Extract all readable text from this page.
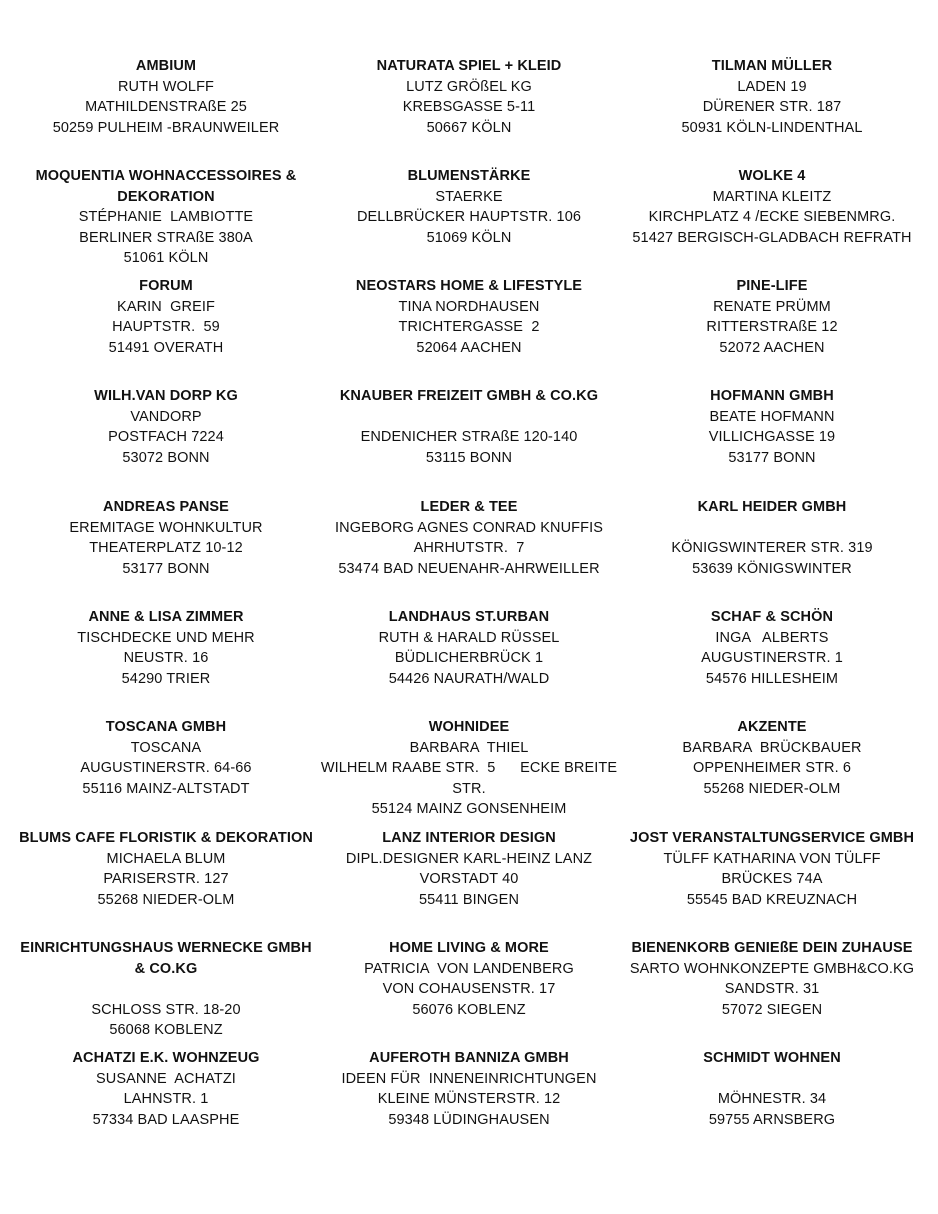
AMBIUM
RUTH WOLFF
MATHILDENSTRAßE 25
50259 PULHEIM -BRAUNWEILER
NATURATA SPIEL + KLEID
LUTZ GRÖßEL KG
KREBSGASSE 5-11
50667 KÖLN
TILMAN MÜLLER
LADEN 19
DÜRENER STR. 187
50931 KÖLN-LINDENTHAL
MOQUENTIA WOHNACCESSOIRES & DEKORATION
STÉPHANIE  LAMBIOTTE
BERLINER STRAßE 380A
51061 KÖLN
BLUMENSTÄRKE
STAERKE
DELLBRÜCKER HAUPTSTR. 106
51069 KÖLN
WOLKE 4
MARTINA KLEITZ
KIRCHPLATZ 4 /ECKE SIEBENMRG.
51427 BERGISCH-GLADBACH REFRATH
FORUM
KARIN  GREIF
HAUPTSTR.  59
51491 OVERATH
NEOSTARS HOME & LIFESTYLE
TINA NORDHAUSEN
TRICHTERGASSE  2
52064 AACHEN
PINE-LIFE
RENATE PRÜMM
RITTERSTRAßE 12
52072 AACHEN
WILH.VAN DORP KG
VANDORP
POSTFACH 7224
53072 BONN
KNAUBER FREIZEIT GMBH & CO.KG
ENDENICHER STRAßE 120-140
53115 BONN
HOFMANN GMBH
BEATE HOFMANN
VILLICHGASSE 19
53177 BONN
ANDREAS PANSE
EREMITAGE WOHNKULTUR
THEATERPLATZ 10-12
53177 BONN
LEDER & TEE
INGEBORG AGNES CONRAD KNUFFIS
AHRHUTSTR.  7
53474 BAD NEUENAHR-AHRWEILLER
KARL HEIDER GMBH
KÖNIGSWINTERER STR. 319
53639 KÖNIGSWINTER
ANNE & LISA ZIMMER
TISCHDECKE UND MEHR
NEUSTR. 16
54290 TRIER
LANDHAUS ST.URBAN
RUTH & HARALD RÜSSEL
BÜDLICHERBRÜCK 1
54426 NAURATH/WALD
SCHAF & SCHÖN
INGA   ALBERTS
AUGUSTINERSTR. 1
54576 HILLESHEIM
TOSCANA GMBH
TOSCANA
AUGUSTINERSTR. 64-66
55116 MAINZ-ALTSTADT
WOHNIDEE
BARBARA  THIEL
WILHELM RAABE STR.  5      ECKE BREITE STR.
55124 MAINZ GONSENHEIM
AKZENTE
BARBARA  BRÜCKBAUER
OPPENHEIMER STR. 6
55268 NIEDER-OLM
BLUMS CAFE FLORISTIK & DEKORATION
MICHAELA BLUM
PARISERSTR. 127
55268 NIEDER-OLM
LANZ INTERIOR DESIGN
DIPL.DESIGNER KARL-HEINZ LANZ
VORSTADT 40
55411 BINGEN
JOST VERANSTALTUNGSERVICE GMBH
TÜLFF KATHARINA VON TÜLFF
BRÜCKES 74A
55545 BAD KREUZNACH
EINRICHTUNGSHAUS WERNECKE GMBH & CO.KG
SCHLOSS STR. 18-20
56068 KOBLENZ
HOME LIVING & MORE
PATRICIA  VON LANDENBERG
VON COHAUSENSTR. 17
56076 KOBLENZ
BIENENKORB GENIEßE DEIN ZUHAUSE
SARTO WOHNKONZEPTE GMBH&CO.KG
SANDSTR. 31
57072 SIEGEN
ACHATZI E.K. WOHNZEUG
SUSANNE  ACHATZI
LAHNSTR. 1
57334 BAD LAASPHE
AUFEROTH BANNIZA GMBH
IDEEN FÜR  INNENEINRICHTUNGEN
KLEINE MÜNSTERSTR. 12
59348 LÜDINGHAUSEN
SCHMIDT WOHNEN
MÖHNESTR. 34
59755 ARNSBERG
